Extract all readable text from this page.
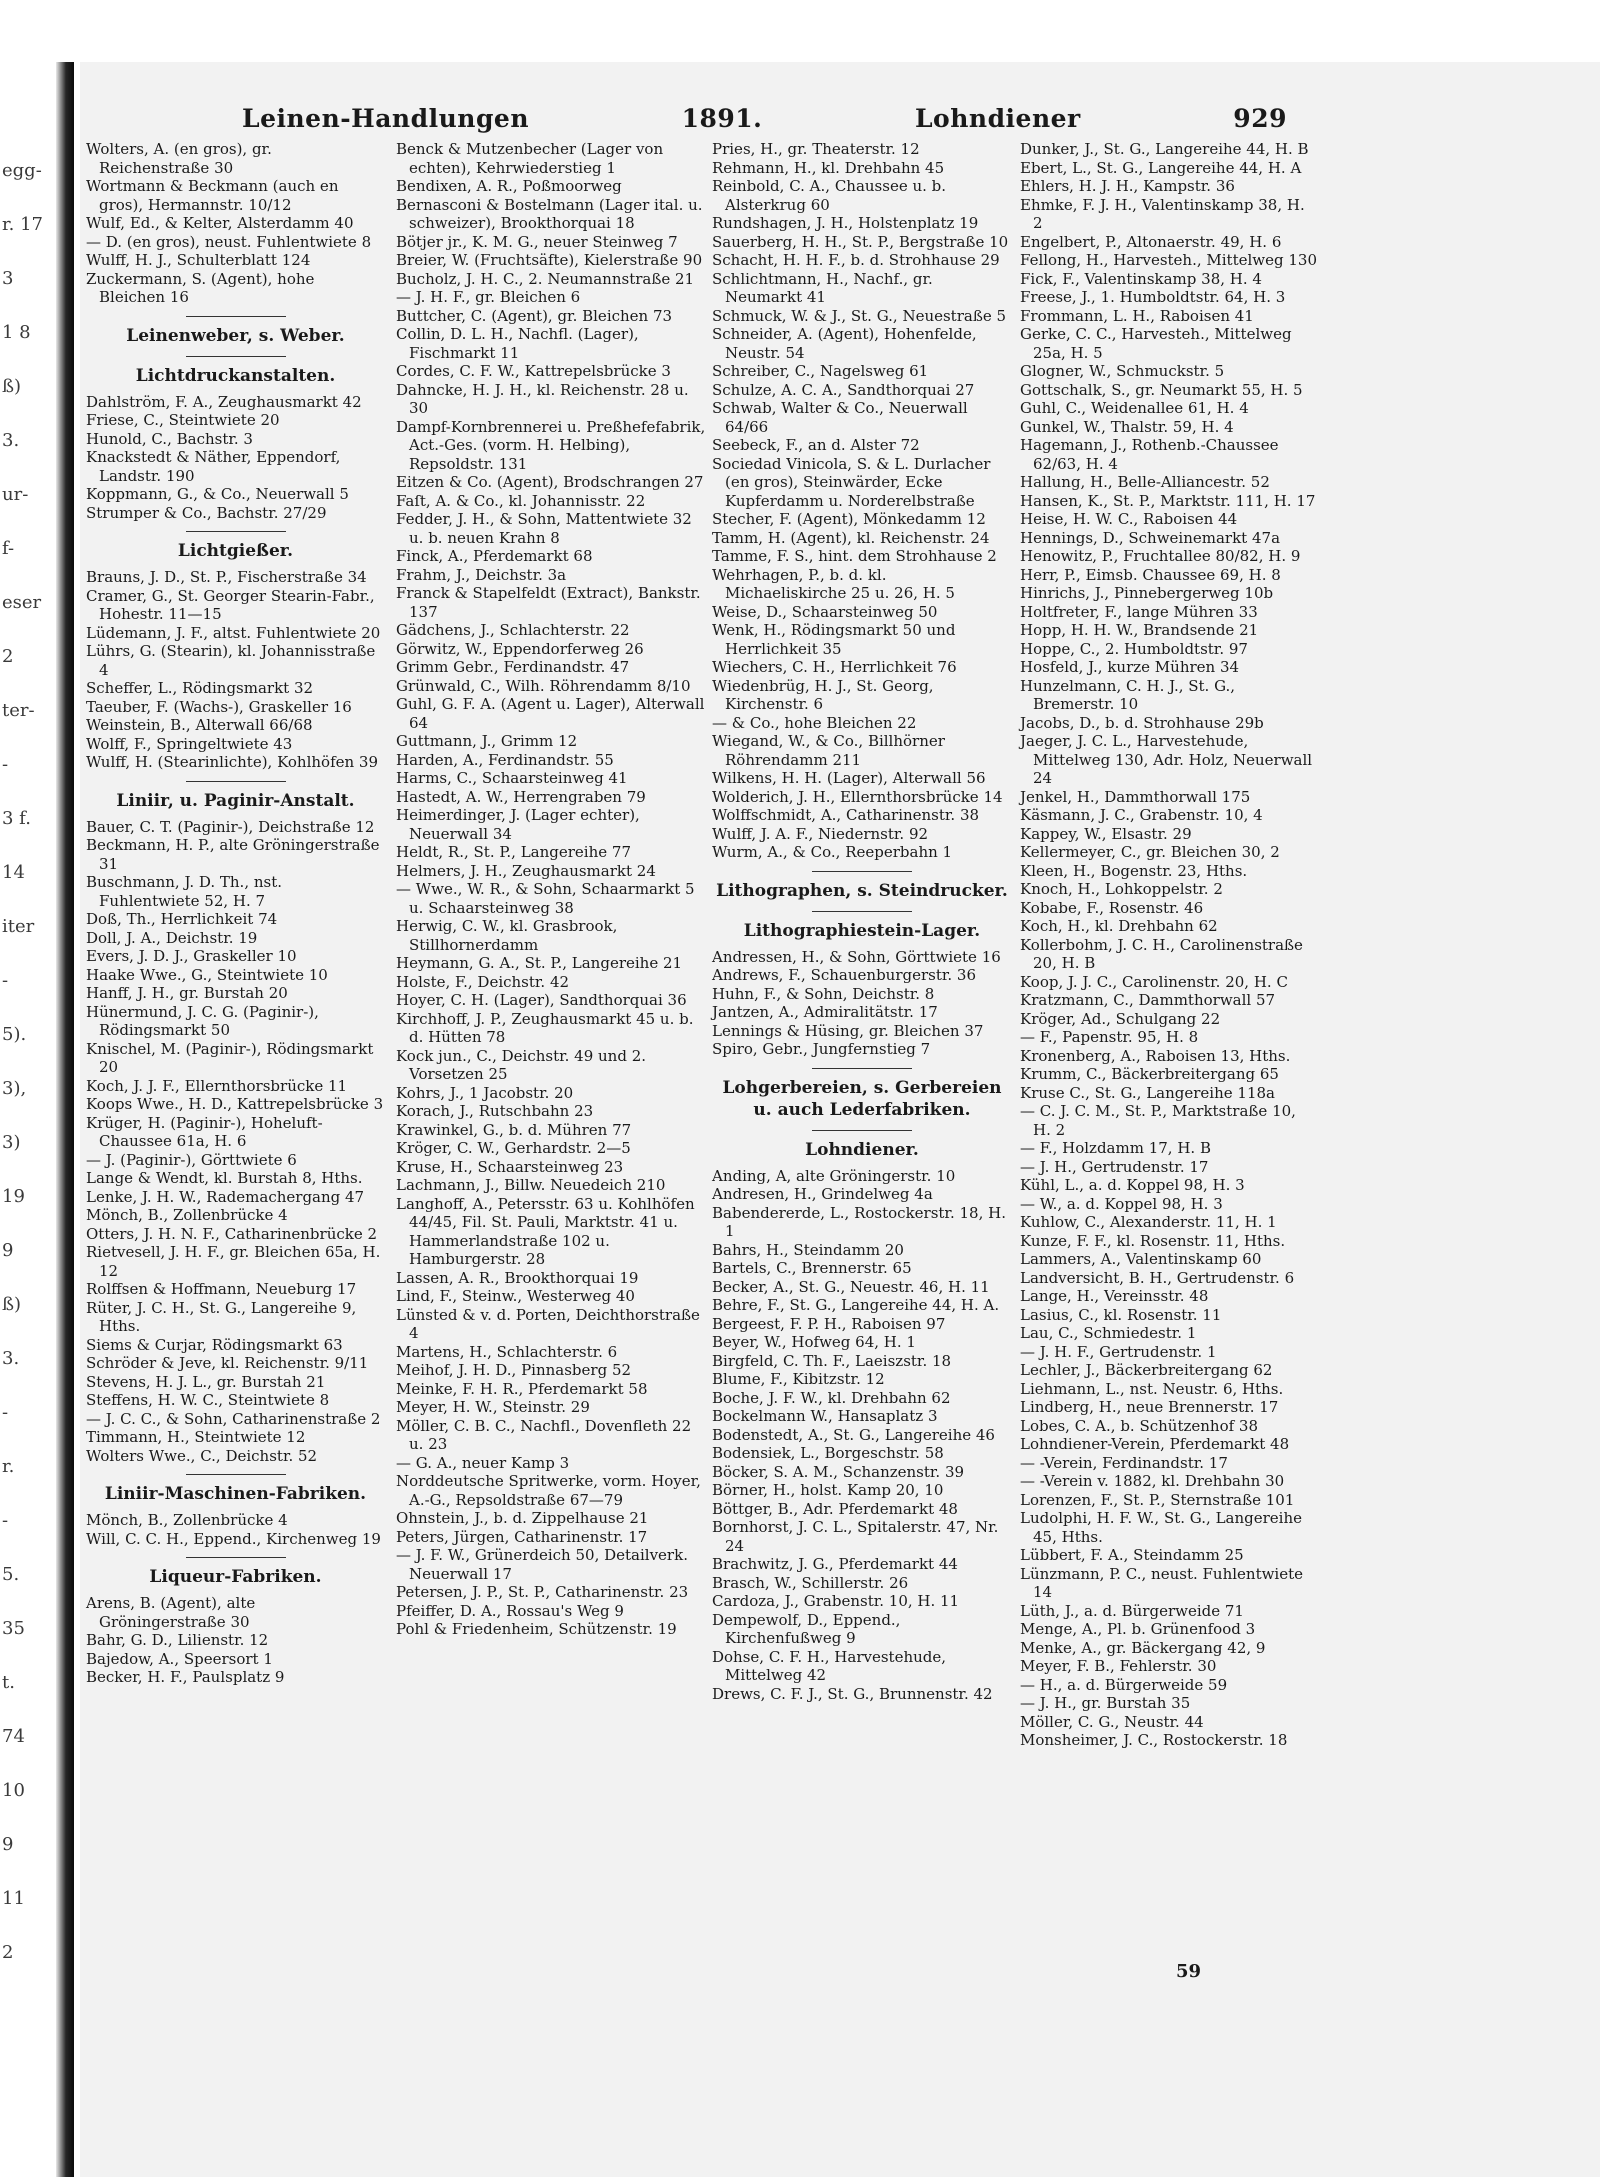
egg-
r. 17
3
1 8
ß)
3.
ur-
f-
eser
2
ter-
-
3 f.
14
iter
-
5).
3),
3)
19
9
ß)
3.
-
r.
-
5.
35
t.
74
10
9
11
2
Leinen-Handlungen	1891.	Lohndiener	929

Wolters, A. (en gros), gr. Reichenstraße 30

Wortmann & Beckmann (auch en gros), Hermannstr. 10/12

Wulf, Ed., & Kelter, Alsterdamm 40

— D. (en gros), neust. Fuhlentwiete 8

Wulff, H. J., Schulterblatt 124

Zuckermann, S. (Agent), hohe Bleichen 16

Leinenweber, s. Weber.
Lichtdruckanstalten.

Dahlström, F. A., Zeughausmarkt 42

Friese, C., Steintwiete 20

Hunold, C., Bachstr. 3

Knackstedt & Näther, Eppendorf, Landstr. 190

Koppmann, G., & Co., Neuerwall 5

Strumper & Co., Bachstr. 27/29

Lichtgießer.

Brauns, J. D., St. P., Fischerstraße 34

Cramer, G., St. Georger Stearin-Fabr., Hohestr. 11—15

Lüdemann, J. F., altst. Fuhlentwiete 20

Lührs, G. (Stearin), kl. Johannisstraße 4

Scheffer, L., Rödingsmarkt 32

Taeuber, F. (Wachs-), Graskeller 16

Weinstein, B., Alterwall 66/68

Wolff, F., Springeltwiete 43

Wulff, H. (Stearinlichte), Kohlhöfen 39

Liniir, u. Paginir-Anstalt.

Bauer, C. T. (Paginir-), Deichstraße 12

Beckmann, H. P., alte Gröningerstraße 31

Buschmann, J. D. Th., nst. Fuhlentwiete 52, H. 7

Doß, Th., Herrlichkeit 74

Doll, J. A., Deichstr. 19

Evers, J. D. J., Graskeller 10

Haake Wwe., G., Steintwiete 10

Hanff, J. H., gr. Burstah 20

Hünermund, J. C. G. (Paginir-), Rödingsmarkt 50

Knischel, M. (Paginir-), Rödingsmarkt 20

Koch, J. J. F., Ellernthorsbrücke 11

Koops Wwe., H. D., Kattrepelsbrücke 3

Krüger, H. (Paginir-), Hoheluft-Chaussee 61a, H. 6

— J. (Paginir-), Görttwiete 6

Lange & Wendt, kl. Burstah 8, Hths.

Lenke, J. H. W., Rademachergang 47

Mönch, B., Zollenbrücke 4

Otters, J. H. N. F., Catharinenbrücke 2

Rietvesell, J. H. F., gr. Bleichen 65a, H. 12

Rolffsen & Hoffmann, Neueburg 17

Rüter, J. C. H., St. G., Langereihe 9, Hths.

Siems & Curjar, Rödingsmarkt 63

Schröder & Jeve, kl. Reichenstr. 9/11

Stevens, H. J. L., gr. Burstah 21

Steffens, H. W. C., Steintwiete 8

— J. C. C., & Sohn, Catharinenstraße 2

Timmann, H., Steintwiete 12

Wolters Wwe., C., Deichstr. 52

Liniir-Maschinen-Fabriken.

Mönch, B., Zollenbrücke 4

Will, C. C. H., Eppend., Kirchenweg 19

Liqueur-Fabriken.

Arens, B. (Agent), alte Gröningerstraße 30

Bahr, G. D., Lilienstr. 12

Bajedow, A., Speersort 1

Becker, H. F., Paulsplatz 9

Benck & Mutzenbecher (Lager von echten), Kehrwiederstieg 1

Bendixen, A. R., Poßmoorweg

Bernasconi & Bostelmann (Lager ital. u. schweizer), Brookthorquai 18

Bötjer jr., K. M. G., neuer Steinweg 7

Breier, W. (Fruchtsäfte), Kielerstraße 90

Bucholz, J. H. C., 2. Neumannstraße 21

— J. H. F., gr. Bleichen 6

Buttcher, C. (Agent), gr. Bleichen 73

Collin, D. L. H., Nachfl. (Lager), Fischmarkt 11

Cordes, C. F. W., Kattrepelsbrücke 3

Dahncke, H. J. H., kl. Reichenstr. 28 u. 30

Dampf-Kornbrennerei u. Preßhefefabrik, Act.-Ges. (vorm. H. Helbing), Repsoldstr. 131

Eitzen & Co. (Agent), Brodschrangen 27

Faſt, A. & Co., kl. Johannisstr. 22

Fedder, J. H., & Sohn, Mattentwiete 32 u. b. neuen Krahn 8

Finck, A., Pferdemarkt 68

Frahm, J., Deichstr. 3a

Franck & Stapelfeldt (Extract), Bankstr. 137

Gädchens, J., Schlachterstr. 22

Görwitz, W., Eppendorferweg 26

Grimm Gebr., Ferdinandstr. 47

Grünwald, C., Wilh. Röhrendamm 8/10

Guhl, G. F. A. (Agent u. Lager), Alterwall 64

Guttmann, J., Grimm 12

Harden, A., Ferdinandstr. 55

Harms, C., Schaarsteinweg 41

Hastedt, A. W., Herrengraben 79

Heimerdinger, J. (Lager echter), Neuerwall 34

Heldt, R., St. P., Langereihe 77

Helmers, J. H., Zeughausmarkt 24

— Wwe., W. R., & Sohn, Schaarmarkt 5 u. Schaarsteinweg 38

Herwig, C. W., kl. Grasbrook, Stillhornerdamm

Heymann, G. A., St. P., Langereihe 21

Holste, F., Deichstr. 42

Hoyer, C. H. (Lager), Sandthorquai 36

Kirchhoff, J. P., Zeughausmarkt 45 u. b. d. Hütten 78

Kock jun., C., Deichstr. 49 und 2. Vorsetzen 25

Kohrs, J., 1 Jacobstr. 20

Korach, J., Rutschbahn 23

Krawinkel, G., b. d. Mühren 77

Kröger, C. W., Gerhardstr. 2—5

Kruse, H., Schaarsteinweg 23

Lachmann, J., Billw. Neuedeich 210

Langhoff, A., Petersstr. 63 u. Kohlhöfen 44/45, Fil. St. Pauli, Marktstr. 41 u. Hammerlandstraße 102 u. Hamburgerstr. 28

Lassen, A. R., Brookthorquai 19

Lind, F., Steinw., Westerweg 40

Lünsted & v. d. Porten, Deichthorstraße 4

Martens, H., Schlachterstr. 6

Meihof, J. H. D., Pinnasberg 52

Meinke, F. H. R., Pferdemarkt 58

Meyer, H. W., Steinstr. 29

Möller, C. B. C., Nachfl., Dovenfleth 22 u. 23

— G. A., neuer Kamp 3

Norddeutsche Spritwerke, vorm. Hoyer, A.-G., Repsoldstraße 67—79

Ohnstein, J., b. d. Zippelhause 21

Peters, Jürgen, Catharinenstr. 17

— J. F. W., Grünerdeich 50, Detailverk. Neuerwall 17

Petersen, J. P., St. P., Catharinenstr. 23

Pfeiffer, D. A., Rossau's Weg 9

Pohl & Friedenheim, Schützenstr. 19

Pries, H., gr. Theaterstr. 12

Rehmann, H., kl. Drehbahn 45

Reinbold, C. A., Chaussee u. b. Alsterkrug 60

Rundshagen, J. H., Holstenplatz 19

Sauerberg, H. H., St. P., Bergstraße 10

Schacht, H. H. F., b. d. Strohhause 29

Schlichtmann, H., Nachf., gr. Neumarkt 41

Schmuck, W. & J., St. G., Neuestraße 5

Schneider, A. (Agent), Hohenfelde, Neustr. 54

Schreiber, C., Nagelsweg 61

Schulze, A. C. A., Sandthorquai 27

Schwab, Walter & Co., Neuerwall 64/66

Seebeck, F., an d. Alster 72

Sociedad Vinicola, S. & L. Durlacher (en gros), Steinwärder, Ecke Kupferdamm u. Norderelbstraße

Stecher, F. (Agent), Mönkedamm 12

Tamm, H. (Agent), kl. Reichenstr. 24

Tamme, F. S., hint. dem Strohhause 2

Wehrhagen, P., b. d. kl. Michaeliskirche 25 u. 26, H. 5

Weise, D., Schaarsteinweg 50

Wenk, H., Rödingsmarkt 50 und Herrlichkeit 35

Wiechers, C. H., Herrlichkeit 76

Wiedenbrüg, H. J., St. Georg, Kirchenstr. 6

— & Co., hohe Bleichen 22

Wiegand, W., & Co., Billhörner Röhrendamm 211

Wilkens, H. H. (Lager), Alterwall 56

Wolderich, J. H., Ellernthorsbrücke 14

Wolffschmidt, A., Catharinenstr. 38

Wulff, J. A. F., Niedernstr. 92

Wurm, A., & Co., Reeperbahn 1

Lithographen, s. Steindrucker.
Lithographiestein-Lager.

Andressen, H., & Sohn, Görttwiete 16

Andrews, F., Schauenburgerstr. 36

Huhn, F., & Sohn, Deichstr. 8

Jantzen, A., Admiralitätstr. 17

Lennings & Hüsing, gr. Bleichen 37

Spiro, Gebr., Jungfernstieg 7

Lohgerbereien, s. Gerbereien u. auch Lederfabriken.
Lohndiener.

Anding, A, alte Gröningerstr. 10

Andresen, H., Grindelweg 4a

Babendererde, L., Rostockerstr. 18, H. 1

Bahrs, H., Steindamm 20

Bartels, C., Brennerstr. 65

Becker, A., St. G., Neuestr. 46, H. 11

Behre, F., St. G., Langereihe 44, H. A.

Bergeest, F. P. H., Raboisen 97

Beyer, W., Hofweg 64, H. 1

Birgfeld, C. Th. F., Laeiszstr. 18

Blume, F., Kibitzstr. 12

Boche, J. F. W., kl. Drehbahn 62

Bockelmann W., Hansaplatz 3

Bodenstedt, A., St. G., Langereihe 46

Bodensiek, L., Borgeschstr. 58

Böcker, S. A. M., Schanzenstr. 39

Börner, H., holst. Kamp 20, 10

Böttger, B., Adr. Pferdemarkt 48

Bornhorst, J. C. L., Spitalerstr. 47, Nr. 24

Brachwitz, J. G., Pferdemarkt 44

Brasch, W., Schillerstr. 26

Cardoza, J., Grabenstr. 10, H. 11

Dempewolf, D., Eppend., Kirchenfußweg 9

Dohse, C. F. H., Harvestehude, Mittelweg 42

Drews, C. F. J., St. G., Brunnenstr. 42

Dunker, J., St. G., Langereihe 44, H. B

Ebert, L., St. G., Langereihe 44, H. A

Ehlers, H. J. H., Kampstr. 36

Ehmke, F. J. H., Valentinskamp 38, H. 2

Engelbert, P., Altonaerstr. 49, H. 6

Fellong, H., Harvesteh., Mittelweg 130

Fick, F., Valentinskamp 38, H. 4

Freese, J., 1. Humboldtstr. 64, H. 3

Frommann, L. H., Raboisen 41

Gerke, C. C., Harvesteh., Mittelweg 25a, H. 5

Glogner, W., Schmuckstr. 5

Gottschalk, S., gr. Neumarkt 55, H. 5

Guhl, C., Weidenallee 61, H. 4

Gunkel, W., Thalstr. 59, H. 4

Hagemann, J., Rothenb.-Chaussee 62/63, H. 4

Hallung, H., Belle-Alliancestr. 52

Hansen, K., St. P., Marktstr. 111, H. 17

Heise, H. W. C., Raboisen 44

Hennings, D., Schweinemarkt 47a

Henowitz, P., Fruchtallee 80/82, H. 9

Herr, P., Eimsb. Chaussee 69, H. 8

Hinrichs, J., Pinnebergerweg 10b

Holtfreter, F., lange Mühren 33

Hopp, H. H. W., Brandsende 21

Hoppe, C., 2. Humboldtstr. 97

Hosfeld, J., kurze Mühren 34

Hunzelmann, C. H. J., St. G., Bremerstr. 10

Jacobs, D., b. d. Strohhause 29b

Jaeger, J. C. L., Harvestehude, Mittelweg 130, Adr. Holz, Neuerwall 24

Jenkel, H., Dammthorwall 175

Käsmann, J. C., Grabenstr. 10, 4

Kappey, W., Elsastr. 29

Kellermeyer, C., gr. Bleichen 30, 2

Kleen, H., Bogenstr. 23, Hths.

Knoch, H., Lohkoppelstr. 2

Kobabe, F., Rosenstr. 46

Koch, H., kl. Drehbahn 62

Kollerbohm, J. C. H., Carolinenstraße 20, H. B

Koop, J. J. C., Carolinenstr. 20, H. C

Kratzmann, C., Dammthorwall 57

Kröger, Ad., Schulgang 22

— F., Papenstr. 95, H. 8

Kronenberg, A., Raboisen 13, Hths.

Krumm, C., Bäckerbreitergang 65

Kruse C., St. G., Langereihe 118a

— C. J. C. M., St. P., Marktstraße 10, H. 2

— F., Holzdamm 17, H. B

— J. H., Gertrudenstr. 17

Kühl, L., a. d. Koppel 98, H. 3

— W., a. d. Koppel 98, H. 3

Kuhlow, C., Alexanderstr. 11, H. 1

Kunze, F. F., kl. Rosenstr. 11, Hths.

Lammers, A., Valentinskamp 60

Landversicht, B. H., Gertrudenstr. 6

Lange, H., Vereinsstr. 48

Lasius, C., kl. Rosenstr. 11

Lau, C., Schmiedestr. 1

— J. H. F., Gertrudenstr. 1

Lechler, J., Bäckerbreitergang 62

Liehmann, L., nst. Neustr. 6, Hths.

Lindberg, H., neue Brennerstr. 17

Lobes, C. A., b. Schützenhof 38

Lohndiener-Verein, Pferdemarkt 48

— -Verein, Ferdinandstr. 17

— -Verein v. 1882, kl. Drehbahn 30

Lorenzen, F., St. P., Sternstraße 101

Ludolphi, H. F. W., St. G., Langereihe 45, Hths.

Lübbert, F. A., Steindamm 25

Lünzmann, P. C., neust. Fuhlentwiete 14

Lüth, J., a. d. Bürgerweide 71

Menge, A., Pl. b. Grünenfood 3

Menke, A., gr. Bäckergang 42, 9

Meyer, F. B., Fehlerstr. 30

— H., a. d. Bürgerweide 59

— J. H., gr. Burstah 35

Möller, C. G., Neustr. 44

Monsheimer, J. C., Rostockerstr. 18

59
